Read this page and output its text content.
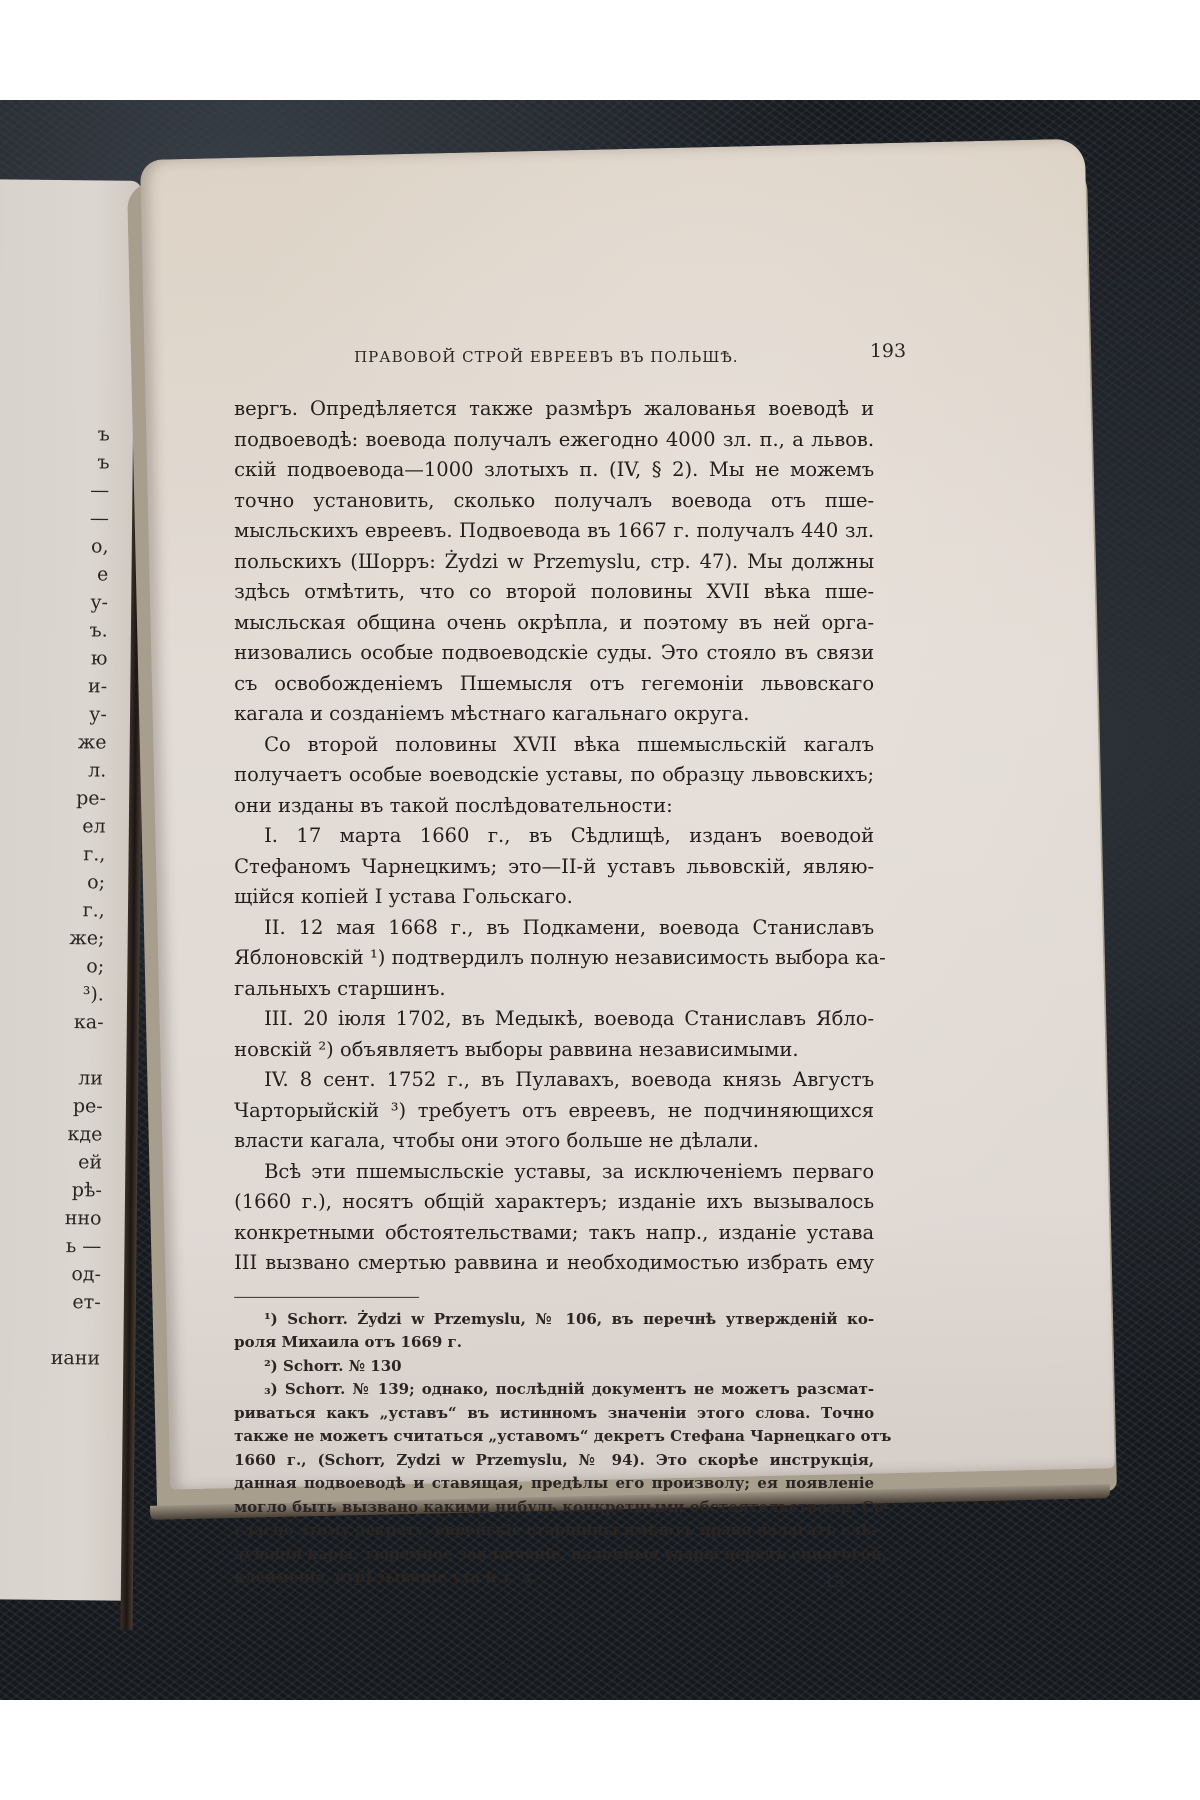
ъ
ъ
—
—
о,
е
у-
ъ.
ю
и-
у-
же
л.
ре-
ел
г.,
о;
г.,
же;
о;
³).
ка-
ли
ре-
кде
ей
рѣ-
нно
ь —
од-
ет-
иани
ПРАВОВОЙ СТРОЙ ЕВРЕЕВЪ ВЪ ПОЛЬШѢ.	193
вергъ. Опредѣляется также размѣръ жалованья воеводѣ и
подвоеводѣ: воевода получалъ ежегодно 4000 зл. п., а львов.
скій подвоевода—1000 злотыхъ п. (IV, § 2). Мы не можемъ
точно установить, сколько получалъ воевода отъ пше-
мысльскихъ евреевъ. Подвоевода въ 1667 г. получалъ 440 зл.
польскихъ (Шорръ: Żydzi w Przemyslu, стр. 47). Мы должны
здѣсь отмѣтить, что со второй половины XVII вѣка пше-
мысльская община очень окрѣпла, и поэтому въ ней орга-
низовались особые подвоеводскіе суды. Это стояло въ связи
съ освобожденіемъ Пшемысля отъ гегемоніи львовскаго
кагала и созданіемъ мѣстнаго кагальнаго округа.
Со второй половины XVII вѣка пшемысльскій кагалъ
получаетъ особые воеводскіе уставы, по образцу львовскихъ;
они изданы въ такой послѣдовательности:
I. 17 марта 1660 г., въ Сѣдлищѣ, изданъ воеводой
Стефаномъ Чарнецкимъ; это—II-й уставъ львовскій, являю-
щійся копіей I устава Гольскаго.
II. 12 мая 1668 г., въ Подкамени, воевода Станиславъ
Яблоновскій ¹) подтвердилъ полную независимость выбора ка-
гальныхъ старшинъ.
III. 20 іюля 1702, въ Медыкѣ, воевода Станиславъ Яблo-
новскій ²) объявляетъ выборы раввина независимыми.
IV. 8 сент. 1752 г., въ Пулавахъ, воевода князь Августъ
Чарторыйскій ³) требуетъ отъ евреевъ, не подчиняющихся
власти кагала, чтобы они этого больше не дѣлали.
Всѣ эти пшемысльскіе уставы, за исключеніемъ перваго
(1660 г.), носятъ общій характеръ; изданіе ихъ вызывалось
конкретными обстоятельствами; такъ напр., изданіе устава
III вызвано смертью раввина и необходимостью избрать ему
¹) Schorr. Żydzi w Przemyslu, № 106, въ перечнѣ утвержденій ко-
роля Михаила отъ 1669 г.
²) Schorr. № 130
₃) Schorr. № 139; однако, послѣдній документъ не можетъ разсмат-
риваться какъ „уставъ“ въ истинномъ значеніи этого слова. Точно
также не можетъ считаться „уставомъ“ декретъ Стефана Чарнецкаго отъ
1660 г., (Schorr, Zydzi w Przemyslu, № 94). Это скорѣе инструкція,
данная подвоеводѣ и ставящая, предѣлы его произволу; ея появленіе
могло быть вызвано какими нибудь конкретными обстоятельствами. Со-
гласно этому декрету, еврейскіе старшины имѣютъ право налагать слѣ-
дующія кары: тюремное заключеніе, палочные удары передъ синагогой,
клейменіе, отрѣзываніе уха и т. д.	13
